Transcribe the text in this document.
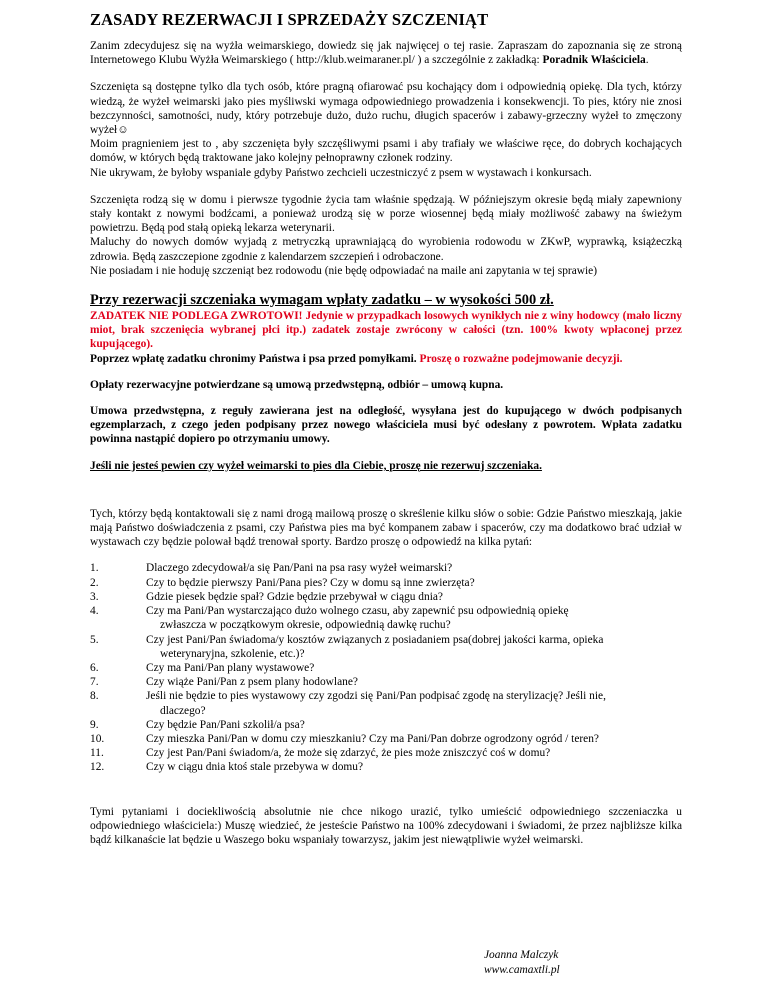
ZASADY REZERWACJI I SPRZEDAŻY SZCZENIĄT

Zanim zdecydujesz się na wyżła weimarskiego, dowiedz się jak najwięcej o tej rasie. Zapraszam do zapoznania się ze stroną Internetowego Klubu Wyżła Weimarskiego ( http://klub.weimaraner.pl/ ) a szczególnie z zakładką: Poradnik Właściciela.

Szczenięta są dostępne tylko dla tych osób, które pragną ofiarować psu kochający dom i odpowiednią opiekę. Dla tych, którzy wiedzą, że wyżeł weimarski jako pies myśliwski wymaga odpowiedniego prowadzenia i konsekwencji. To pies, który nie znosi bezczynności, samotności, nudy, który potrzebuje dużo, dużo ruchu, długich spacerów i zabawy-grzeczny wyżeł to zmęczony wyżeł☺

Moim pragnieniem jest to , aby szczenięta były szczęśliwymi psami i aby trafiały we właściwe ręce, do dobrych kochających domów, w których będą traktowane jako kolejny pełnoprawny członek rodziny.

Nie ukrywam, że byłoby wspaniale gdyby Państwo zechcieli uczestniczyć z psem w wystawach i konkursach.

Szczenięta rodzą się w domu i pierwsze tygodnie życia tam właśnie spędzają. W późniejszym okresie będą miały zapewniony stały kontakt z nowymi bodźcami, a ponieważ urodzą się w porze wiosennej będą miały możliwość zabawy na świeżym powietrzu. Będą pod stałą opieką lekarza weterynarii.

Maluchy do nowych domów wyjadą z metryczką uprawniającą do wyrobienia rodowodu w ZKwP, wyprawką, książeczką zdrowia. Będą zaszczepione zgodnie z kalendarzem szczepień i odrobaczone.

Nie posiadam i nie hoduję szczeniąt bez rodowodu (nie będę odpowiadać na maile ani zapytania w tej sprawie)

Przy rezerwacji szczeniaka wymagam wpłaty zadatku – w wysokości 500 zł.

ZADATEK NIE PODLEGA ZWROTOWI! Jedynie w przypadkach losowych wynikłych nie z winy hodowcy (mało liczny miot, brak szczenięcia wybranej płci itp.) zadatek zostaje zwrócony w całości (tzn. 100% kwoty wpłaconej przez kupującego).

Poprzez wpłatę zadatku chronimy Państwa i psa przed pomyłkami. Proszę o rozważne podejmowanie decyzji.

Opłaty rezerwacyjne potwierdzane są umową przedwstępną, odbiór – umową kupna.

Umowa przedwstępna, z reguły zawierana jest na odległość, wysyłana jest do kupującego w dwóch podpisanych egzemplarzach, z czego jeden podpisany przez nowego właściciela musi być odesłany z powrotem. Wpłata zadatku powinna nastąpić dopiero po otrzymaniu umowy.

Jeśli nie jesteś pewien czy wyżeł weimarski to pies dla Ciebie, proszę nie rezerwuj szczeniaka.

Tych, którzy będą kontaktowali się z nami drogą mailową proszę o skreślenie kilku słów o sobie: Gdzie Państwo mieszkają, jakie mają Państwo doświadczenia z psami, czy Państwa pies ma być kompanem zabaw i spacerów, czy ma dodatkowo brać udział w wystawach czy będzie polował bądź trenował sporty. Bardzo proszę o odpowiedź na kilka pytań:

1.	Dlaczego zdecydował/a się Pan/Pani na psa rasy wyżeł weimarski?
2.	Czy to będzie pierwszy Pani/Pana pies? Czy w domu są inne zwierzęta?
3.	Gdzie piesek będzie spał? Gdzie będzie przebywał w ciągu dnia?
4.	Czy ma Pani/Pan wystarczająco dużo wolnego czasu, aby zapewnić psu odpowiednią opiekę
zwłaszcza w początkowym okresie, odpowiednią dawkę ruchu?
5.	Czy jest Pani/Pan świadoma/y kosztów związanych z posiadaniem psa(dobrej jakości karma, opieka
weterynaryjna, szkolenie, etc.)?
6.	Czy ma Pani/Pan plany wystawowe?
7.	Czy wiąże Pani/Pan z psem plany hodowlane?
8.	Jeśli nie będzie to pies wystawowy czy zgodzi się Pani/Pan podpisać zgodę na sterylizację? Jeśli nie,
dlaczego?
9.	Czy będzie Pan/Pani szkolił/a psa?
10.	Czy mieszka Pani/Pan w domu czy mieszkaniu? Czy ma Pani/Pan dobrze ogrodzony ogród / teren?
11.	Czy jest Pan/Pani świadom/a, że może się zdarzyć, że pies może zniszczyć coś w domu?
12.	Czy w ciągu dnia ktoś stale przebywa w domu?

Tymi pytaniami i dociekliwością absolutnie nie chce nikogo urazić, tylko umieścić odpowiedniego szczeniaczka u odpowiedniego właściciela:) Muszę wiedzieć, że jesteście Państwo na 100% zdecydowani i świadomi, że przez najbliższe kilka bądź kilkanaście lat będzie u Waszego boku wspaniały towarzysz, jakim jest niewątpliwie wyżeł weimarski.

Joanna Malczyk
www.camaxtli.pl
